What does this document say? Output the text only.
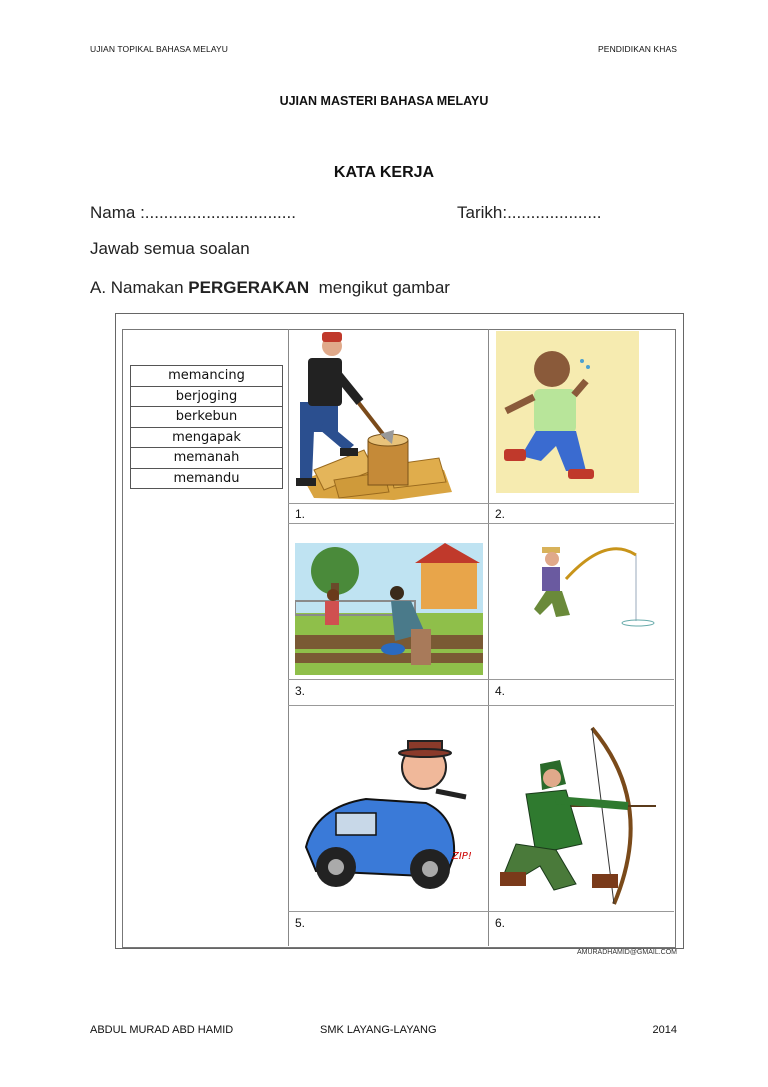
UJIAN TOPIKAL BAHASA MELAYU	PENDIDIKAN KHAS
UJIAN MASTERI BAHASA MELAYU
KATA KERJA
Nama :................................	Tarikh:....................
Jawab semua soalan
A. Namakan PERGERAKAN  mengikut gambar
memancing
berjoging
berkebun
mengapak
memanah
memandu
1.	2.
3.	4.
5.	6.
ZIP!
AMURADHAMID@GMAIL.COM
ABDUL MURAD ABD HAMID	SMK LAYANG-LAYANG	2014
